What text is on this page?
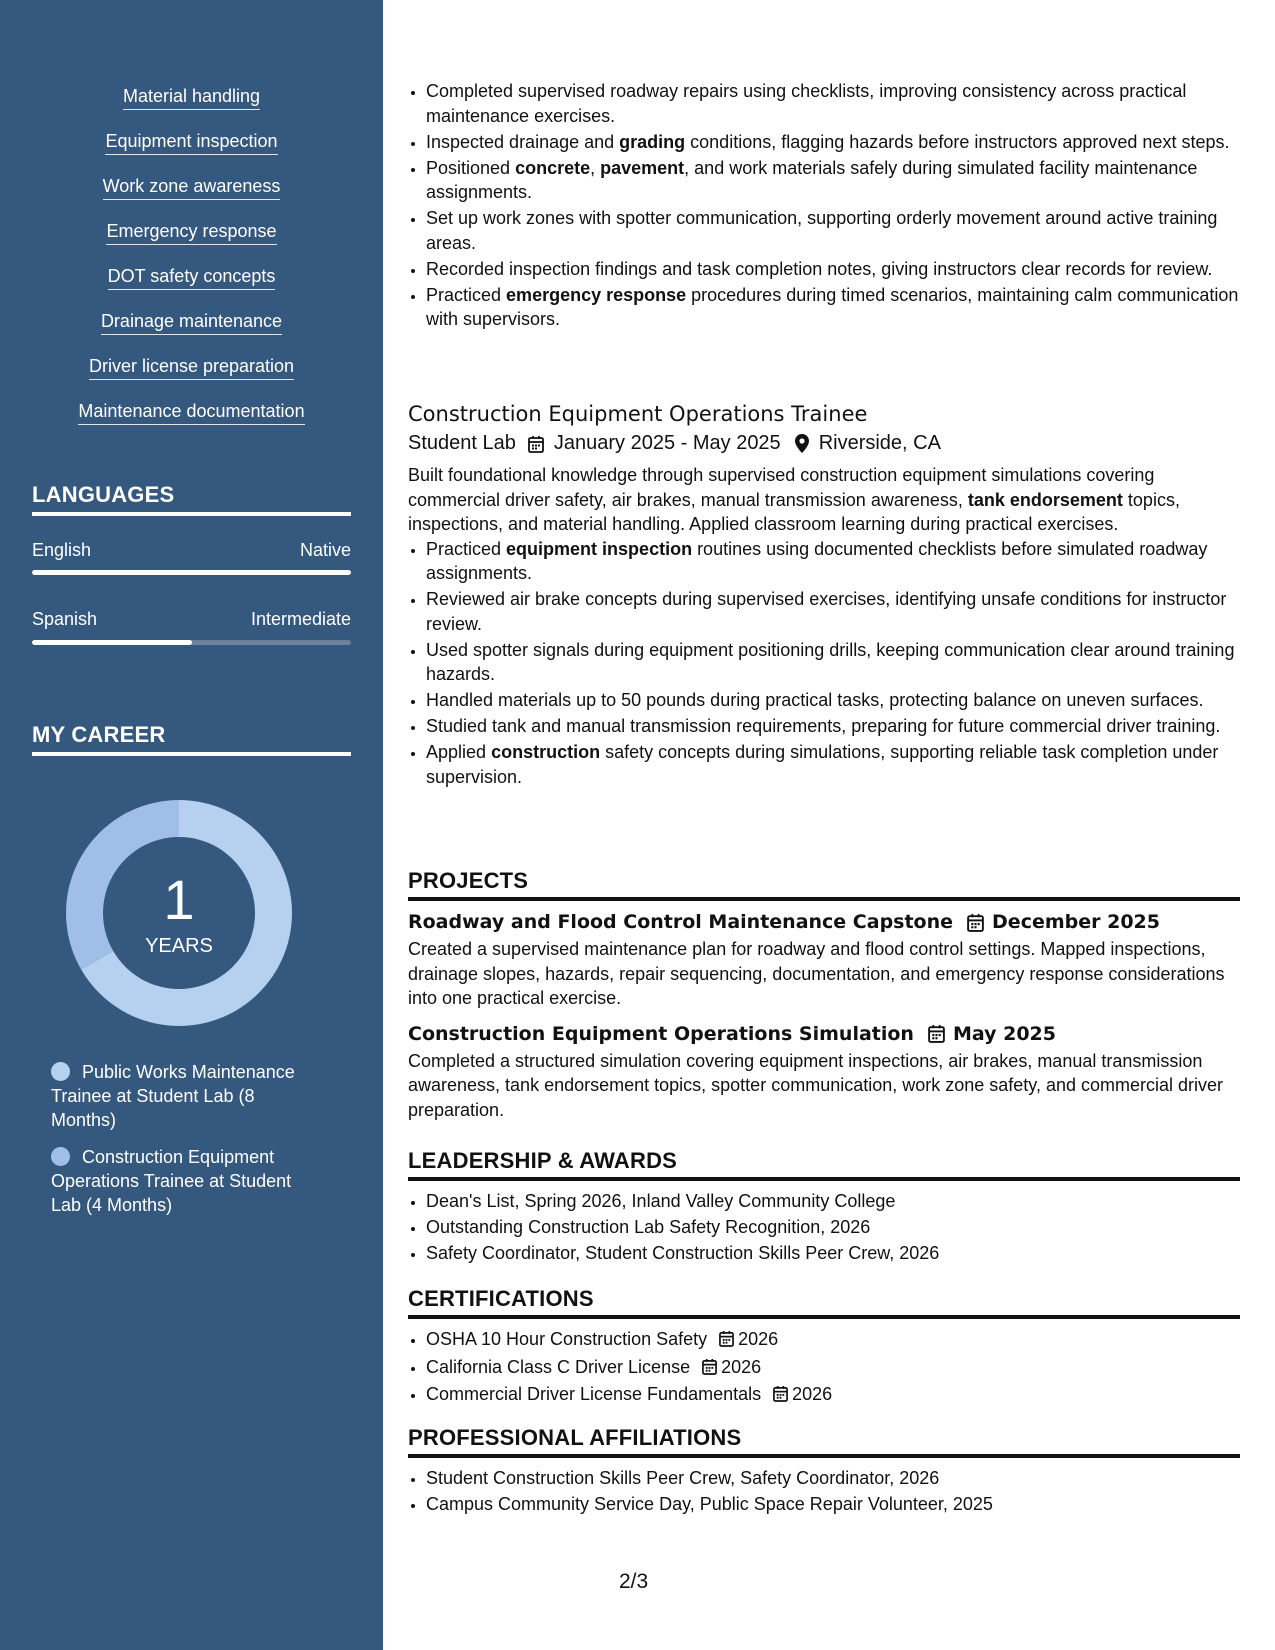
Material handling
Equipment inspection
Work zone awareness
Emergency response
DOT safety concepts
Drainage maintenance
Driver license preparation
Maintenance documentation
LANGUAGES
English	Native
Spanish	Intermediate
MY CAREER
1
YEARS
Public Works Maintenance Trainee at Student Lab (8 Months)
Construction Equipment Operations Trainee at Student Lab (4 Months)
• Completed supervised roadway repairs using checklists, improving consistency across practical maintenance exercises.
• Inspected drainage and grading conditions, flagging hazards before instructors approved next steps.
• Positioned concrete, pavement, and work materials safely during simulated facility maintenance assignments.
• Set up work zones with spotter communication, supporting orderly movement around active training areas.
• Recorded inspection findings and task completion notes, giving instructors clear records for review.
• Practiced emergency response procedures during timed scenarios, maintaining calm communication with supervisors.
Construction Equipment Operations Trainee
Student Lab January 2025 - May 2025 Riverside, CA

Built foundational knowledge through supervised construction equipment simulations covering commercial driver safety, air brakes, manual transmission awareness, tank endorsement topics, inspections, and material handling. Applied classroom learning during practical exercises.

• Practiced equipment inspection routines using documented checklists before simulated roadway assignments.
• Reviewed air brake concepts during supervised exercises, identifying unsafe conditions for instructor review.
• Used spotter signals during equipment positioning drills, keeping communication clear around training hazards.
• Handled materials up to 50 pounds during practical tasks, protecting balance on uneven surfaces.
• Studied tank and manual transmission requirements, preparing for future commercial driver training.
• Applied construction safety concepts during simulations, supporting reliable task completion under supervision.
PROJECTS
Roadway and Flood Control Maintenance Capstone December 2025

Created a supervised maintenance plan for roadway and flood control settings. Mapped inspections, drainage slopes, hazards, repair sequencing, documentation, and emergency response considerations into one practical exercise.

Construction Equipment Operations Simulation May 2025

Completed a structured simulation covering equipment inspections, air brakes, manual transmission awareness, tank endorsement topics, spotter communication, work zone safety, and commercial driver preparation.

LEADERSHIP & AWARDS
• Dean's List, Spring 2026, Inland Valley Community College
• Outstanding Construction Lab Safety Recognition, 2026
• Safety Coordinator, Student Construction Skills Peer Crew, 2026
CERTIFICATIONS
• OSHA 10 Hour Construction Safety 2026
• California Class C Driver License 2026
• Commercial Driver License Fundamentals 2026
PROFESSIONAL AFFILIATIONS
• Student Construction Skills Peer Crew, Safety Coordinator, 2026
• Campus Community Service Day, Public Space Repair Volunteer, 2025
2/3
